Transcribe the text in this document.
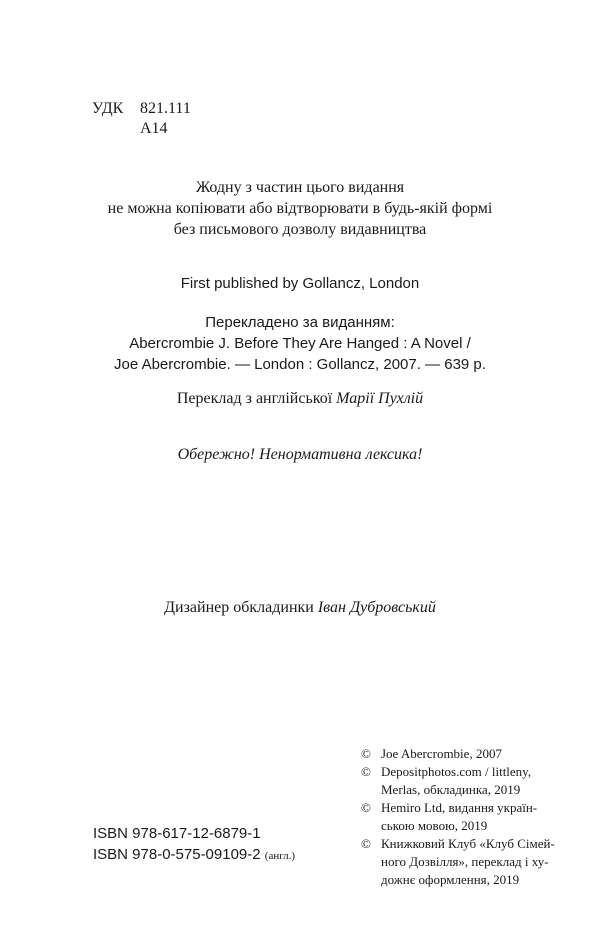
УДК 821.111
А14
Жодну з частин цього видання
не можна копіювати або відтворювати в будь-якій формі
без письмового дозволу видавництва
First published by Gollancz, London
Перекладено за виданням:
Abercrombie J. Before They Are Hanged : A Novel /
Joe Abercrombie. — London : Gollancz, 2007. — 639 p.
Переклад з англійської Марії Пухлій
Обережно! Ненормативна лексика!
Дизайнер обкладинки Іван Дубровський
© Joe Abercrombie, 2007
© Depositphotos.com / littleny,
Merlas, обкладинка, 2019
© Hemiro Ltd, видання україн-
ською мовою, 2019
© Книжковий Клуб «Клуб Сімей-
ного Дозвілля», переклад і ху-
дожнє оформлення, 2019
ISBN 978-617-12-6879-1
ISBN 978-0-575-09109-2 (англ.)
